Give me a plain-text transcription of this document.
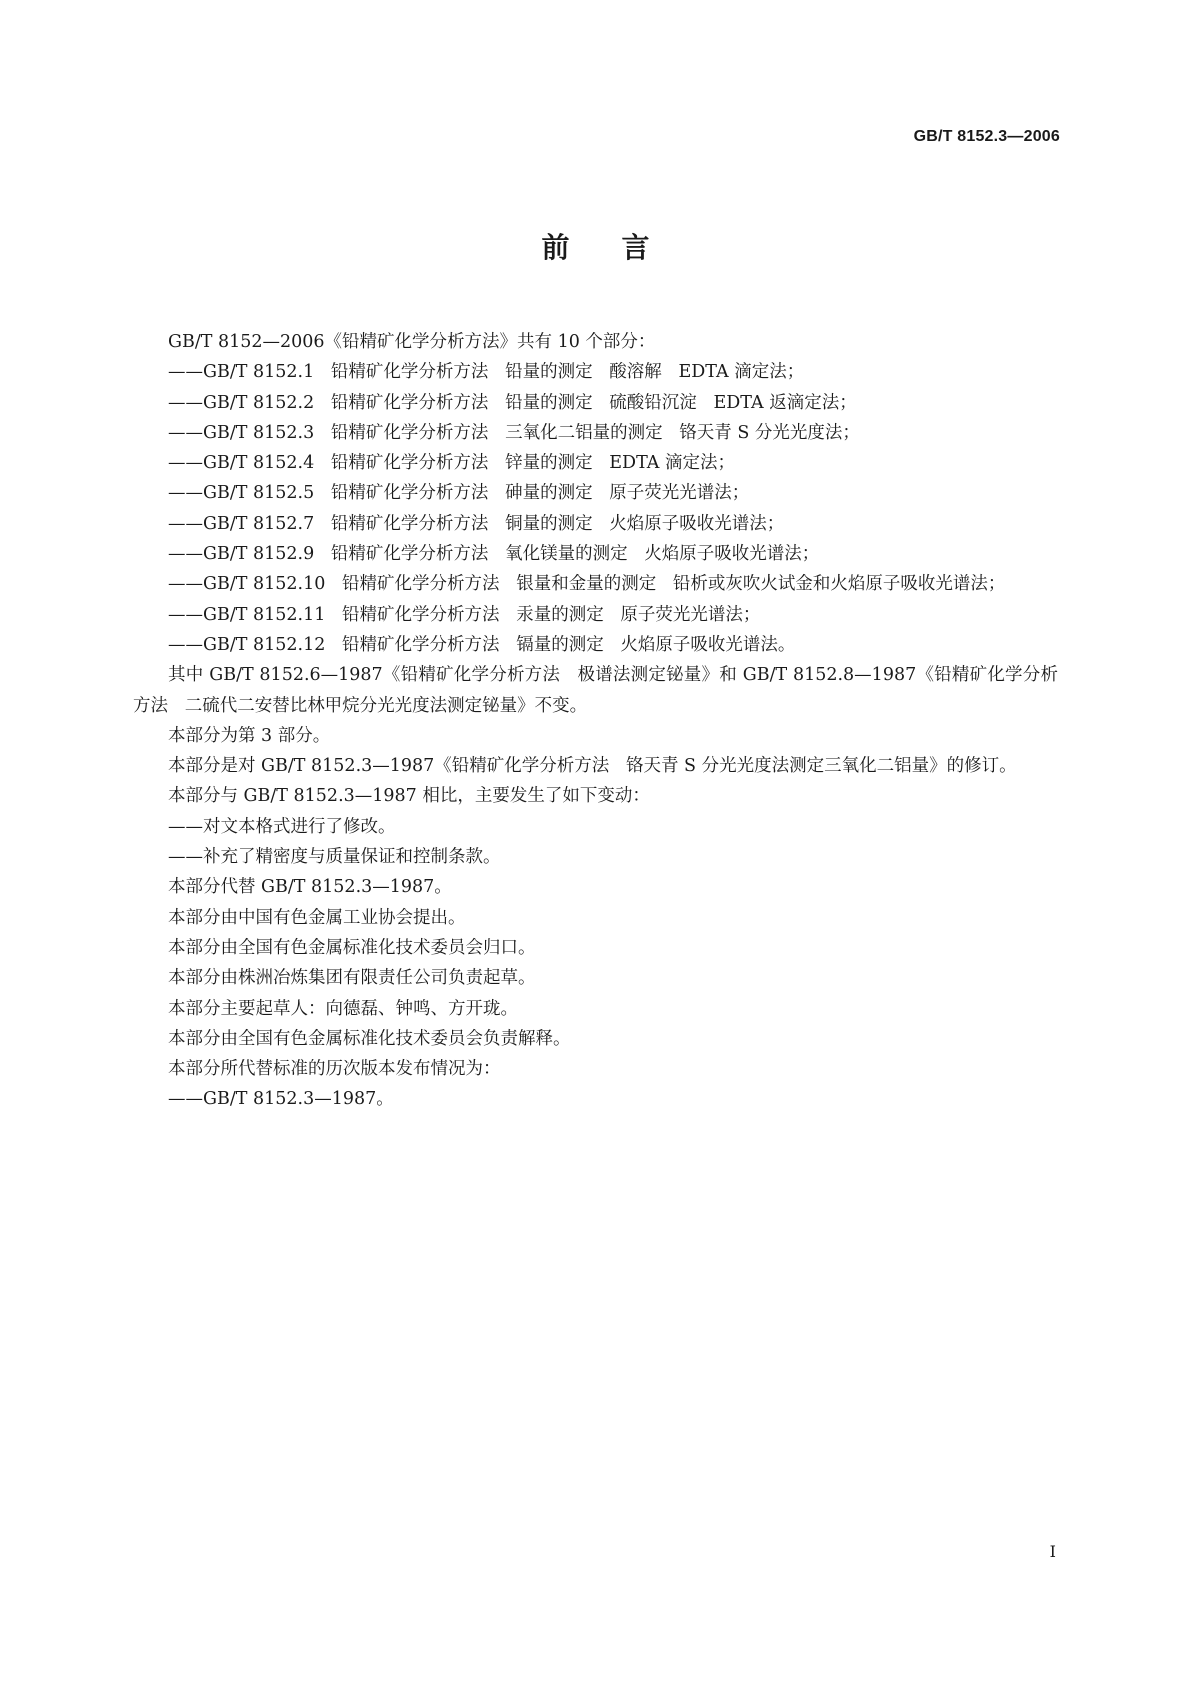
GB/T 8152.3—2006
前言

GB/T 8152—2006《铅精矿化学分析方法》共有 10 个部分：

——GB/T 8152.1 铅精矿化学分析方法   铅量的测定   酸溶解   EDTA 滴定法；
——GB/T 8152.2 铅精矿化学分析方法   铅量的测定   硫酸铅沉淀   EDTA 返滴定法；
——GB/T 8152.3 铅精矿化学分析方法   三氧化二铝量的测定   铬天青 S 分光光度法；
——GB/T 8152.4 铅精矿化学分析方法   锌量的测定   EDTA 滴定法；
——GB/T 8152.5 铅精矿化学分析方法   砷量的测定   原子荧光光谱法；
——GB/T 8152.7 铅精矿化学分析方法   铜量的测定   火焰原子吸收光谱法；
——GB/T 8152.9 铅精矿化学分析方法   氧化镁量的测定   火焰原子吸收光谱法；
——GB/T 8152.10 铅精矿化学分析方法   银量和金量的测定   铅析或灰吹火试金和火焰原子吸收光谱法；
——GB/T 8152.11 铅精矿化学分析方法   汞量的测定   原子荧光光谱法；
——GB/T 8152.12 铅精矿化学分析方法   镉量的测定   火焰原子吸收光谱法。

其中 GB/T 8152.6—1987《铅精矿化学分析方法   极谱法测定铋量》和 GB/T 8152.8—1987《铅精矿化学分析方法   二硫代二安替比林甲烷分光光度法测定铋量》不变。

本部分为第 3 部分。

本部分是对 GB/T 8152.3—1987《铅精矿化学分析方法   铬天青 S 分光光度法测定三氧化二铝量》的修订。

本部分与 GB/T 8152.3—1987 相比，主要发生了如下变动：

——对文本格式进行了修改。

——补充了精密度与质量保证和控制条款。

本部分代替 GB/T 8152.3—1987。

本部分由中国有色金属工业协会提出。

本部分由全国有色金属标准化技术委员会归口。

本部分由株洲冶炼集团有限责任公司负责起草。

本部分主要起草人：向德磊、钟鸣、方开珑。

本部分由全国有色金属标准化技术委员会负责解释。

本部分所代替标准的历次版本发布情况为：

——GB/T 8152.3—1987。

I
